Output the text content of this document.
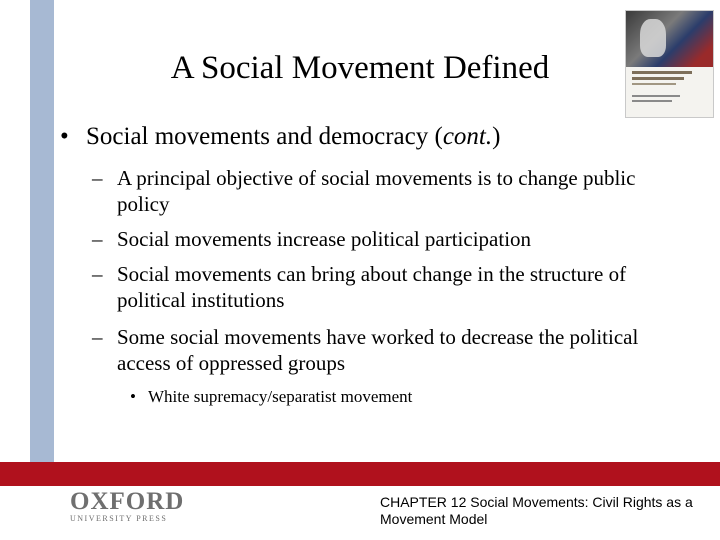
A Social Movement Defined
• Social movements and democracy (cont.)
– A principal objective of social movements is to change public policy
– Social movements increase political participation
– Social movements can bring about change in the structure of political institutions
– Some social movements have worked to decrease the political access of oppressed groups
• White supremacy/separatist movement
OXFORD
UNIVERSITY PRESS
CHAPTER 12 Social Movements: Civil Rights as a Movement Model
